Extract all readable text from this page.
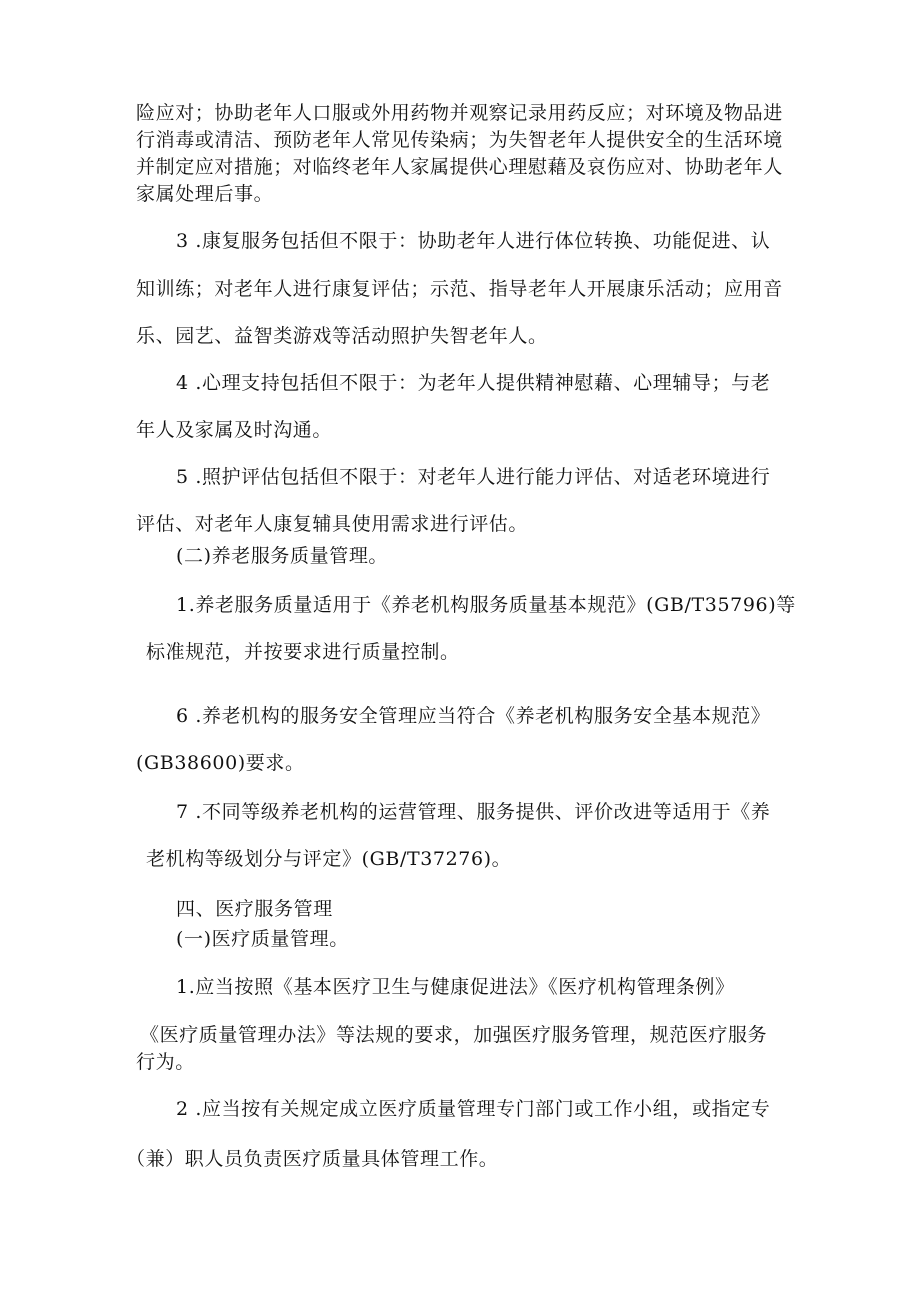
险应对；协助老年人口服或外用药物并观察记录用药反应；对环境及物品进
行消毒或清洁、预防老年人常见传染病；为失智老年人提供安全的生活环境
并制定应对措施；对临终老年人家属提供心理慰藉及哀伤应对、协助老年人
家属处理后事。
3 .康复服务包括但不限于：协助老年人进行体位转换、功能促进、认
知训练；对老年人进行康复评估；示范、指导老年人开展康乐活动；应用音
乐、园艺、益智类游戏等活动照护失智老年人。
4 .心理支持包括但不限于：为老年人提供精神慰藉、心理辅导；与老
年人及家属及时沟通。
5 .照护评估包括但不限于：对老年人进行能力评估、对适老环境进行
评估、对老年人康复辅具使用需求进行评估。
(二)养老服务质量管理。
1.养老服务质量适用于《养老机构服务质量基本规范》(GB/T35796)等
标准规范，并按要求进行质量控制。
6 .养老机构的服务安全管理应当符合《养老机构服务安全基本规范》
(GB38600)要求。
7 .不同等级养老机构的运营管理、服务提供、评价改进等适用于《养
老机构等级划分与评定》(GB/T37276)。
四、医疗服务管理
(一)医疗质量管理。
1.应当按照《基本医疗卫生与健康促进法》《医疗机构管理条例》
《医疗质量管理办法》等法规的要求，加强医疗服务管理，规范医疗服务
行为。
2 .应当按有关规定成立医疗质量管理专门部门或工作小组，或指定专
（兼）职人员负责医疗质量具体管理工作。
